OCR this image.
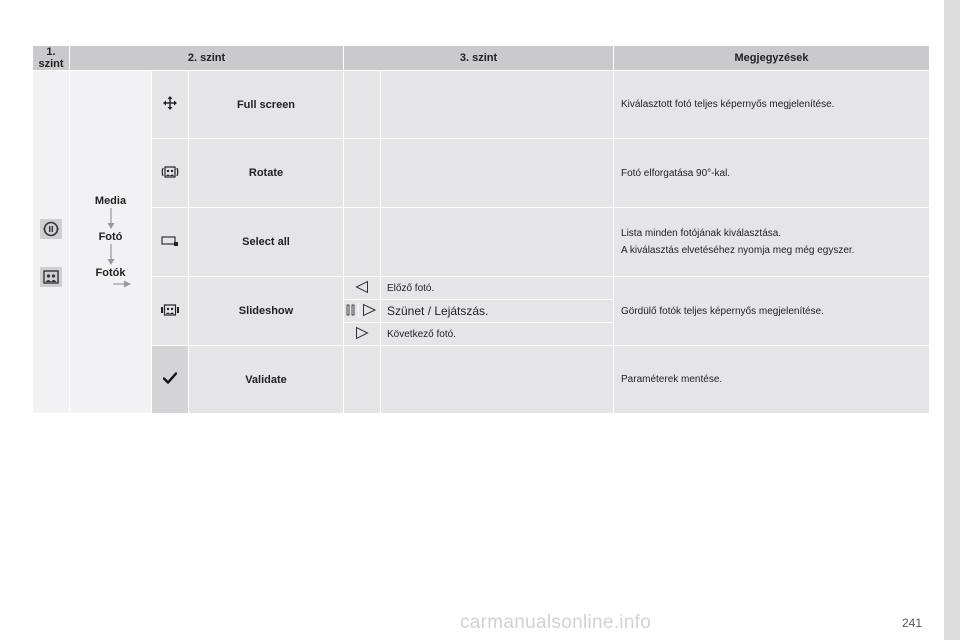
1. szint	2. szint			3. szint		Megjegyzések

Media
Fotó
Fotók		Full screen			Kiválasztott fotó teljes képernyős megjelenítése.
	Rotate			Fotó elforgatása 90°-kal.
	Select all			Lista minden fotójának kiválasztása.
A kiválasztás elvetéséhez nyomja meg még egyszer.

	Slideshow		Előző fotó.	Gördülő fotók teljes képernyős megjelenítése.
	Szünet / Lejátszás.	
	Következő fotó.	
	Validate			Paraméterek mentése.
241
carmanualsonline.info
